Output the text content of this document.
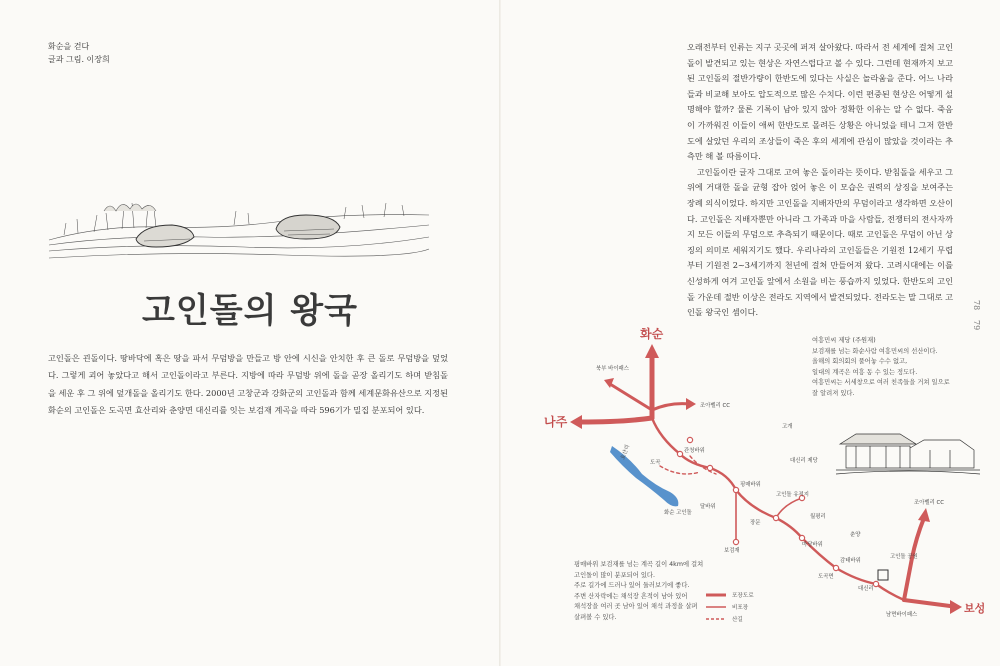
화순을 걷다
글과 그림. 이장희
고인돌의 왕국
고인돌은 괸돌이다. 땅바닥에 혹은 땅을 파서 무덤방을 만들고 방 안에 시신을 안치한 후 큰 돌로 무덤방을 덮었다. 그렇게 괴어 놓았다고 해서 고인돌이라고 부른다. 지방에 따라 무덤방 위에 돌을 곧장 올리기도 하며 받침돌을 세운 후 그 위에 덮개돌을 올리기도 한다. 2000년 고창군과 강화군의 고인돌과 함께 세계문화유산으로 지정된 화순의 고인돌은 도곡면 효산리와 춘양면 대신리를 잇는 보검재 계곡을 따라 596기가 밀집 분포되어 있다.

오래전부터 인류는 지구 곳곳에 퍼져 살아왔다. 따라서 전 세계에 걸쳐 고인돌이 발견되고 있는 현상은 자연스럽다고 볼 수 있다. 그런데 현재까지 보고된 고인돌의 절반가량이 한반도에 있다는 사실은 놀라움을 준다. 어느 나라들과 비교해 보아도 압도적으로 많은 수치다. 이런 편중된 현상은 어떻게 설명해야 할까? 물론 기록이 남아 있지 않아 정확한 이유는 알 수 없다. 죽음이 가까워진 이들이 애써 한반도로 몰려든 상황은 아니었을 테니 그저 한반도에 살았던 우리의 조상들이 죽은 후의 세계에 관심이 많았을 것이라는 추측만 해 볼 따름이다.

고인돌이란 글자 그대로 고여 놓은 돌이라는 뜻이다. 받침돌을 세우고 그 위에 거대한 돌을 균형 잡아 얹어 놓은 이 모습은 권력의 상징을 보여주는 장례 의식이었다. 하지만 고인돌을 지배자만의 무덤이라고 생각하면 오산이다. 고인돌은 지배자뿐만 아니라 그 가족과 마을 사람들, 전쟁터의 전사자까지 모든 이들의 무덤으로 추측되기 때문이다. 때로 고인돌은 무덤이 아닌 상징의 의미로 세워지기도 했다. 우리나라의 고인돌들은 기원전 12세기 무렵부터 기원전 2~3세기까지 천년에 걸쳐 만들어져 왔다. 고려시대에는 이를 신성하게 여겨 고인돌 앞에서 소원을 비는 풍습까지 있었다. 한반도의 고인돌 가운데 절반 이상은 전라도 지역에서 발견되었다. 전라도는 말 그대로 고인돌 왕국인 셈이다.

78
79
화순
나주
보성
북부 바이패스
조아벨리 CC
조아벨리 CC
효산리	관청바위
도곡
화순 고인돌
달바위
핑매바위
고인돌 유적지
대신리 제당
고개
마당바위
감태바위
도곡면
고인돌 공원
대신리
남면바이패스
보검재
장문
춘양
월평리
포장도로
비포장
산길
여흥민씨 제당 (주원재)
보검재를 넘는 화순사람 여흥민씨의 선산이다.
올해의 회의회의 풀어놓 수수 없고,
일대의 계곡은 여흥 동 수 있는 정도다.
여흥민씨는 서세창으로 여러 친족들을 거쳐 일으로
잘 알려져 있다.
핑매바위 보검재를 넘는 계곡 길이 4km에 걸쳐
고인돌이 많이 분포되어 있다.
주로 길가에 드러나 있어 둘러보기에 좋다.
주변 산자락에는 채석장 흔적이 남아 있어
채석장을 여러 곳 남아 있어 채석 과정을 살펴
살펴볼 수 있다.
